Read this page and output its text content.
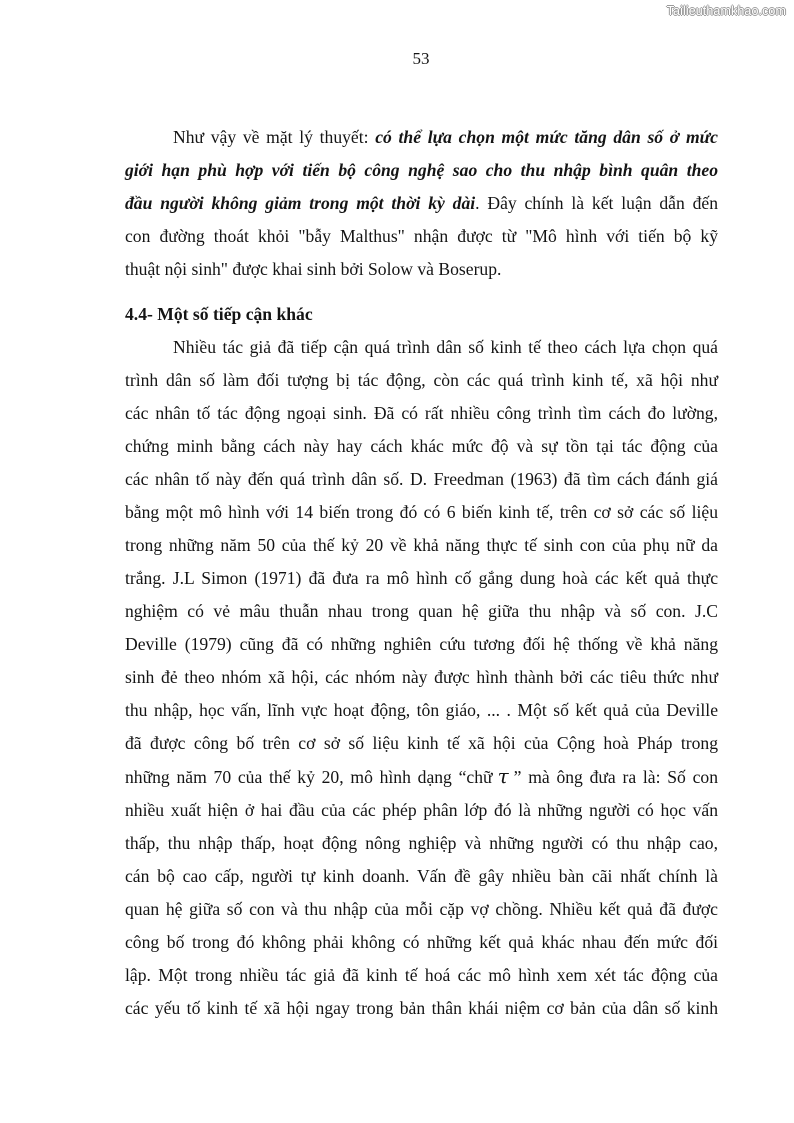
Tailieuthamkhao.com
53
Như vậy về mặt lý thuyết: có thể lựa chọn một mức tăng dân số ở mức
giới hạn phù hợp với tiến bộ công nghệ sao cho thu nhập bình quân theo
đầu người không giảm trong một thời kỳ dài. Đây chính là kết luận dẫn đến
con đường thoát khỏi "bẫy Malthus" nhận được từ "Mô hình với tiến bộ kỹ
thuật nội sinh" được khai sinh bởi Solow và Boserup.
4.4- Một số tiếp cận khác
Nhiều tác giả đã tiếp cận quá trình dân số kinh tế theo cách lựa chọn quá
trình dân số làm đối tượng bị tác động, còn các quá trình kinh tế, xã hội như
các nhân tố tác động ngoại sinh. Đã có rất nhiều công trình tìm cách đo lường,
chứng minh bằng cách này hay cách khác mức độ và sự tồn tại tác động của
các nhân tố này đến quá trình dân số. D. Freedman (1963) đã tìm cách đánh giá
bằng một mô hình với 14 biến trong đó có 6 biến kinh tế, trên cơ sở các số liệu
trong những năm 50 của thế kỷ 20 về khả năng thực tế sinh con của phụ nữ da
trắng. J.L Simon (1971) đã đưa ra mô hình cố gắng dung hoà các kết quả thực
nghiệm có vẻ mâu thuẫn nhau trong quan hệ giữa thu nhập và số con. J.C
Deville (1979) cũng đã có những nghiên cứu tương đối hệ thống về khả năng
sinh đẻ theo nhóm xã hội, các nhóm này được hình thành bởi các tiêu thức như
thu nhập, học vấn, lĩnh vực hoạt động, tôn giáo, ... . Một số kết quả của Deville
đã được công bố trên cơ sở số liệu kinh tế xã hội của Cộng hoà Pháp trong
những năm 70 của thế kỷ 20, mô hình dạng “chữ τ ” mà ông đưa ra là: Số con
nhiều xuất hiện ở hai đầu của các phép phân lớp đó là những người có học vấn
thấp, thu nhập thấp, hoạt động nông nghiệp và những người có thu nhập cao,
cán bộ cao cấp, người tự kinh doanh. Vấn đề gây nhiều bàn cãi nhất chính là
quan hệ giữa số con và thu nhập của mỗi cặp vợ chồng. Nhiều kết quả đã được
công bố trong đó không phải không có những kết quả khác nhau đến mức đối
lập. Một trong nhiều tác giả đã kinh tế hoá các mô hình xem xét tác động của
các yếu tố kinh tế xã hội ngay trong bản thân khái niệm cơ bản của dân số kinh
